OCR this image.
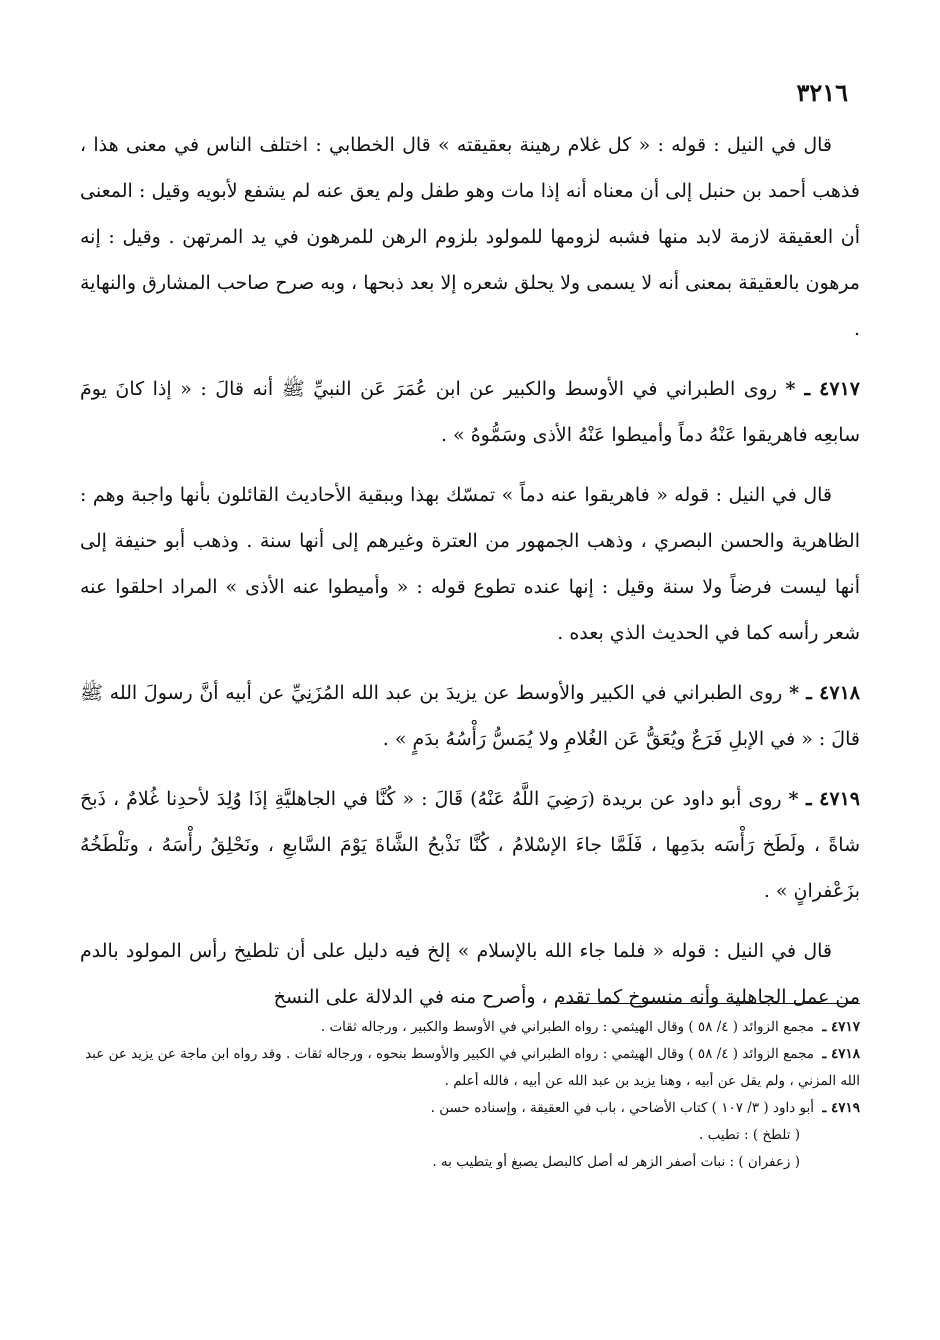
٣٢١٦

قال في النيل : قوله : « كل غلام رهينة بعقيقته » قال الخطابي : اختلف الناس في معنى هذا ، فذهب أحمد بن حنبل إلى أن معناه أنه إذا مات وهو طفل ولم يعق عنه لم يشفع لأبويه وقيل : المعنى أن العقيقة لازمة لابد منها فشبه لزومها للمولود بلزوم الرهن للمرهون في يد المرتهن . وقيل : إنه مرهون بالعقيقة بمعنى أنه لا يسمى ولا يحلق شعره إلا بعد ذبحها ، وبه صرح صاحب المشارق والنهاية .

٤٧١٧ ـ * روى الطبراني في الأوسط والكبير عن ابن عُمَرَ عَن النبيِّ ﷺ أنه قالَ : « إذا كانَ يومَ سابعِه فاهريقوا عَنْهُ دماً وأميطوا عَنْهُ الأذى وسَمُّوهُ » .

قال في النيل : قوله « فاهريقوا عنه دماً » تمسّك بهذا وببقية الأحاديث القائلون بأنها واجبة وهم : الظاهرية والحسن البصري ، وذهب الجمهور من العترة وغيرهم إلى أنها سنة . وذهب أبو حنيفة إلى أنها ليست فرضاً ولا سنة وقيل : إنها عنده تطوع قوله : « وأميطوا عنه الأذى » المراد احلقوا عنه شعر رأسه كما في الحديث الذي بعده .

٤٧١٨ ـ * روى الطبراني في الكبير والأوسط عن يزيدَ بن عبد الله المُزَنِيِّ عن أبيه أنَّ رسولَ الله ﷺ قالَ : « في الإبلِ فَرَعٌ ويُعَقُّ عَن الغُلامِ ولا يُمَسُّ رَأْسُهُ بدَمٍ » .

٤٧١٩ ـ * روى أبو داود عن بريدة (رَضِيَ اللَّهُ عَنْهُ) قَالَ : « كُنَّا في الجاهليَّةِ إذَا وُلِدَ لأحدِنا غُلامٌ ، ذَبحَ شاةً ، ولَطَخ رَأْسَه بدَمِها ، فَلَمَّا جاءَ الإسْلامُ ، كُنَّا نَذْبحُ الشَّاةَ يَوْمَ السَّابعِ ، ونَحْلِقُ رأْسَهُ ، ونَلْطَخُهُ بزَعْفرانٍ » .

قال في النيل : قوله « فلما جاء الله بالإسلام » إلخ فيه دليل على أن تلطيخ رأس المولود بالدم من عمل الجاهلية وأنه منسوخ كما تقدم ، وأصرح منه في الدلالة على النسخ

٤٧١٧ ـ مجمع الزوائد ( ٤/ ٥٨ ) وقال الهيثمي : رواه الطبراني في الأوسط والكبير ، ورجاله ثقات .

٤٧١٨ ـ مجمع الزوائد ( ٤/ ٥٨ ) وقال الهيثمي : رواه الطبراني في الكبير والأوسط بنحوه ، ورجاله ثقات . وقد رواه ابن ماجة عن يزيد عن عبد الله المزني ، ولم يقل عن أبيه ، وهنا يزيد بن عبد الله عن أبيه ، فالله أعلم .

٤٧١٩ ـ أبو داود ( ٣/ ١٠٧ ) كتاب الأضاحي ، باب في العقيقة ، وإسناده حسن .

( تلطخ ) : تطيب .

( زعفران ) : نبات أصفر الزهر له أصل كالبصل يصبغ أو يتطيب به .
